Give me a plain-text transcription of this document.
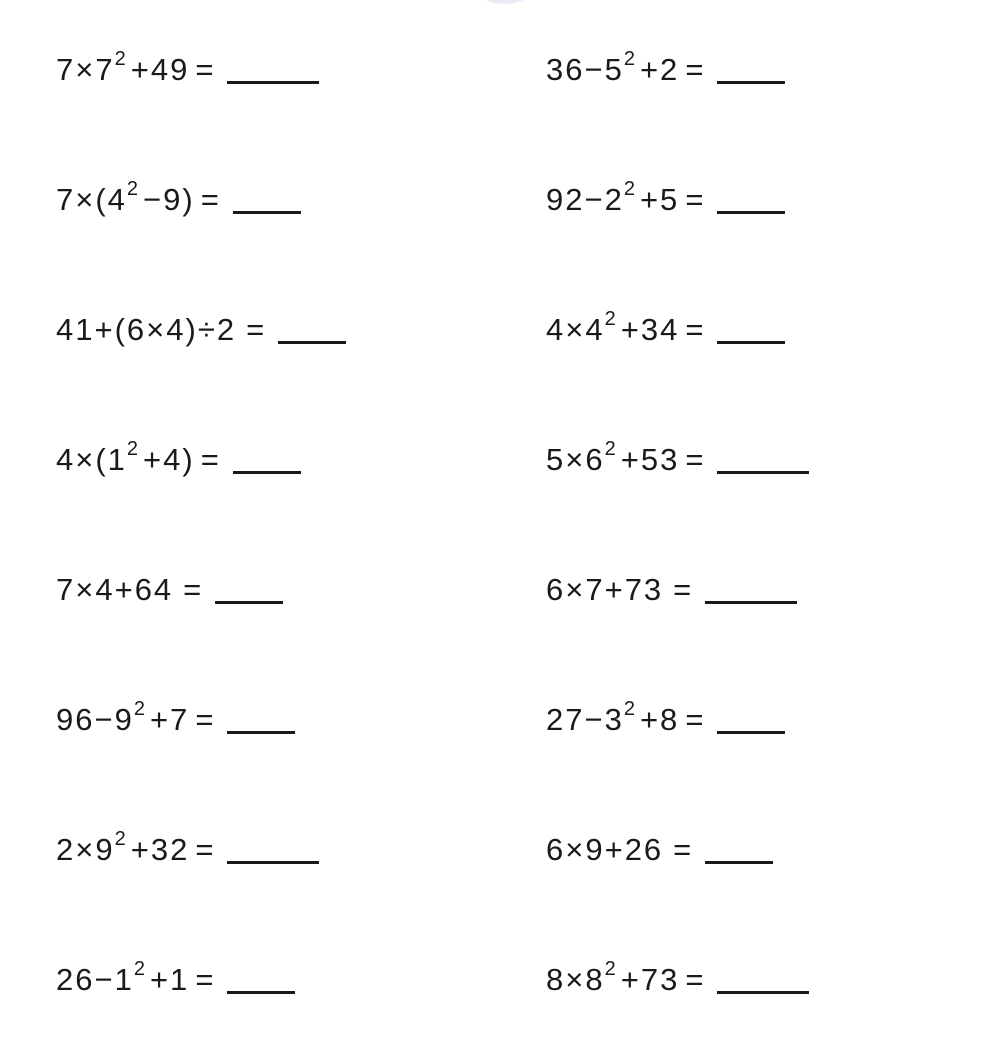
$7\times 7^2 +49$ =
$7\times(4^2 -9)$ =
41+(6×4)÷2 =
$4\times(1^2 +4)$ =
7×4+64 =
$96-9^2 +7$ =
$2\times 9^2 +32$ =
$26-1^2 +1$ =
$36-5^2 +2$ =
$92-2^2 +5$ =
$4\times 4^2 +34$ =
$5\times 6^2 +53$ =
6×7+73 =
$27-3^2 +8$ =
6×9+26 =
$8\times 8^2 +73$ =
